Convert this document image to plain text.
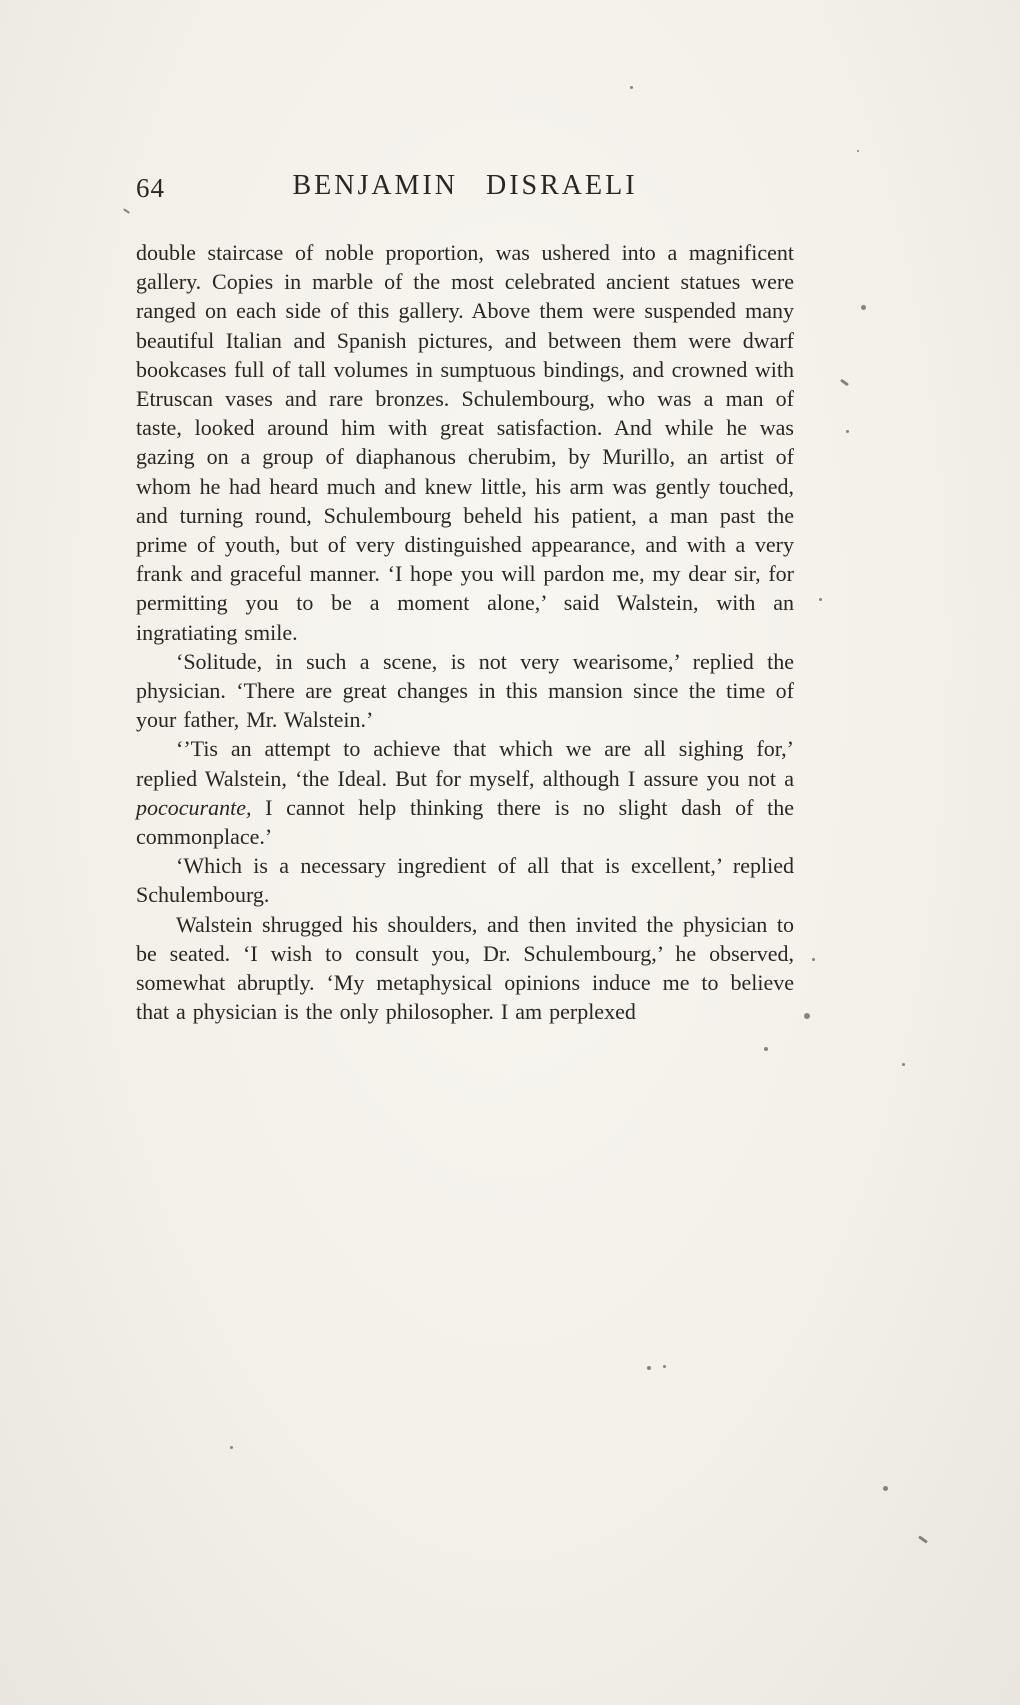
64	BENJAMIN DISRAELI

double staircase of noble proportion, was ushered into a magnificent gallery. Copies in marble of the most celebrated ancient statues were ranged on each side of this gallery. Above them were suspended many beautiful Italian and Spanish pictures, and between them were dwarf bookcases full of tall volumes in sumptuous bindings, and crowned with Etruscan vases and rare bronzes. Schulembourg, who was a man of taste, looked around him with great satisfaction. And while he was gazing on a group of diaphanous cherubim, by Murillo, an artist of whom he had heard much and knew little, his arm was gently touched, and turning round, Schulembourg beheld his patient, a man past the prime of youth, but of very distinguished appearance, and with a very frank and graceful manner. ‘I hope you will pardon me, my dear sir, for permitting you to be a moment alone,’ said Walstein, with an ingratiating smile.

‘Solitude, in such a scene, is not very wearisome,’ replied the physician. ‘There are great changes in this mansion since the time of your father, Mr. Walstein.’

‘’Tis an attempt to achieve that which we are all sighing for,’ replied Walstein, ‘the Ideal. But for myself, although I assure you not a pococurante, I cannot help thinking there is no slight dash of the commonplace.’

‘Which is a necessary ingredient of all that is excellent,’ replied Schulembourg.

Walstein shrugged his shoulders, and then invited the physician to be seated. ‘I wish to consult you, Dr. Schulembourg,’ he observed, somewhat abruptly. ‘My metaphysical opinions induce me to believe that a physician is the only philosopher. I am perplexed
